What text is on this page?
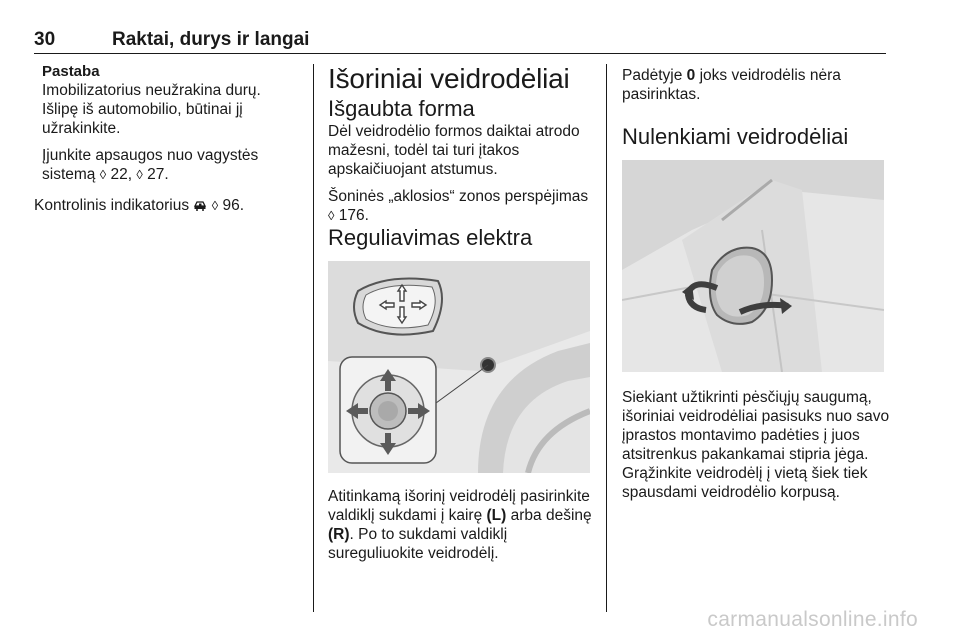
30	Raktai, durys ir langai

Pastaba

Imobilizatorius neužrakina durų. Išlipę iš automobilio, būtinai jį užrakinkite.

Įjunkite apsaugos nuo vagystės sistemą ◊ 22, ◊ 27.

Kontrolinis indikatorius ◊ 96.

Išoriniai veidrodėliai
Išgaubta forma

Dėl veidrodėlio formos daiktai atrodo mažesni, todėl tai turi įtakos apskaičiuojant atstumus.

Šoninės „aklosios“ zonos perspėjimas ◊ 176.

Reguliavimas elektra

Atitinkamą išorinį veidrodėlį pasirinkite valdiklį sukdami į kairę (L) arba dešinę (R). Po to sukdami valdiklį sureguliuokite veidrodėlį.

Padėtyje 0 joks veidrodėlis nėra pasirinktas.

Nulenkiami veidrodėliai

Siekiant užtikrinti pėsčiųjų saugumą, išoriniai veidrodėliai pasisuks nuo savo įprastos montavimo padėties į juos atsitrenkus pakankamai stipria jėga. Grąžinkite veidrodėlį į vietą šiek tiek spausdami veidrodėlio korpusą.

carmanualsonline.info
